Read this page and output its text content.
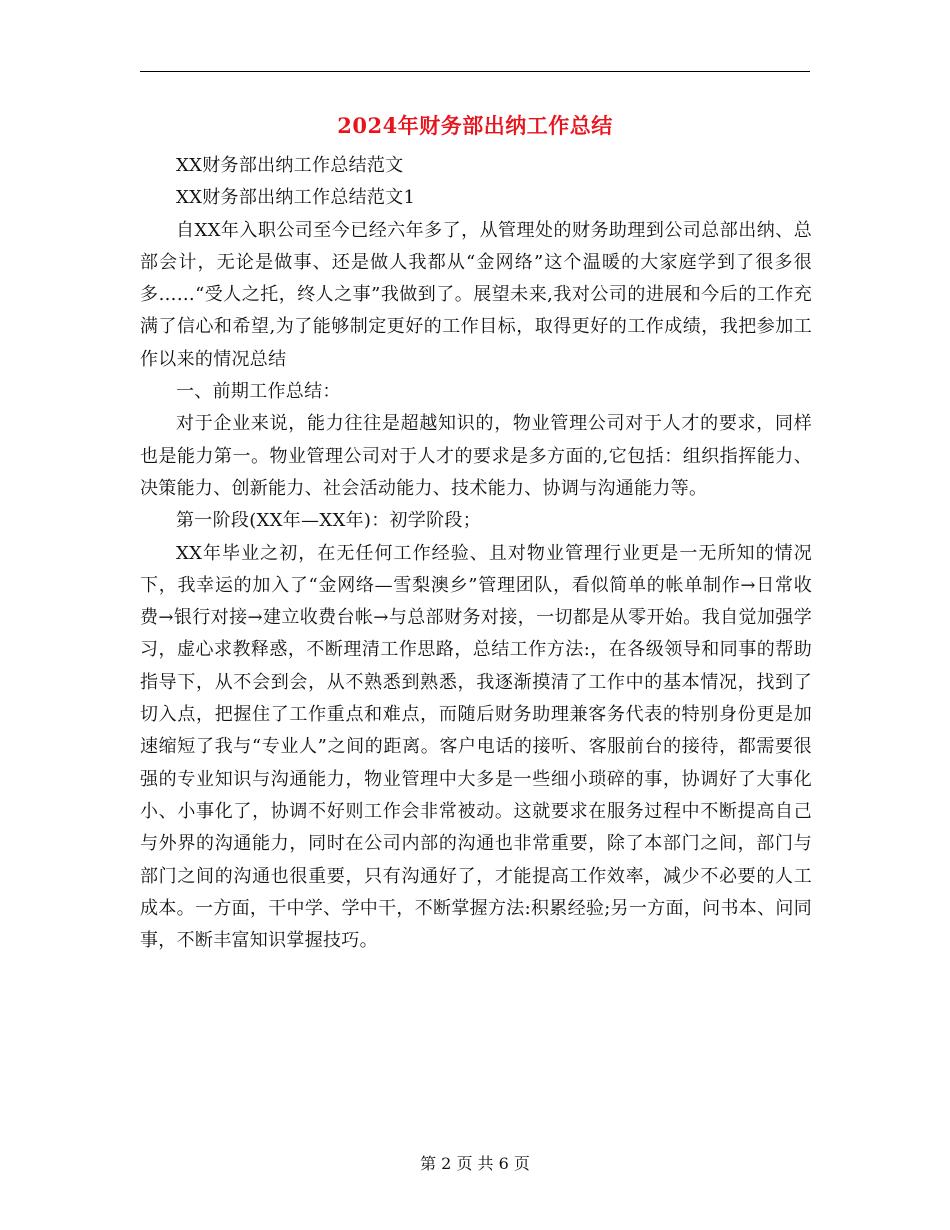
2024年财务部出纳工作总结

XX财务部出纳工作总结范文

XX财务部出纳工作总结范文1

自XX年入职公司至今已经六年多了，从管理处的财务助理到公司总部出纳、总部会计，无论是做事、还是做人我都从“金网络”这个温暖的大家庭学到了很多很多……“受人之托，终人之事”我做到了。展望未来,我对公司的进展和今后的工作充满了信心和希望,为了能够制定更好的工作目标，取得更好的工作成绩，我把参加工作以来的情况总结

一、前期工作总结：

对于企业来说，能力往往是超越知识的，物业管理公司对于人才的要求，同样也是能力第一。物业管理公司对于人才的要求是多方面的,它包括：组织指挥能力、决策能力、创新能力、社会活动能力、技术能力、协调与沟通能力等。

第一阶段(XX年—XX年)：初学阶段；

XX年毕业之初，在无任何工作经验、且对物业管理行业更是一无所知的情况下，我幸运的加入了“金网络—雪梨澳乡”管理团队，看似简单的帐单制作→日常收费→银行对接→建立收费台帐→与总部财务对接，一切都是从零开始。我自觉加强学习，虚心求教释惑，不断理清工作思路，总结工作方法:，在各级领导和同事的帮助指导下，从不会到会，从不熟悉到熟悉，我逐渐摸清了工作中的基本情况，找到了切入点，把握住了工作重点和难点，而随后财务助理兼客务代表的特别身份更是加速缩短了我与“专业人”之间的距离。客户电话的接听、客服前台的接待，都需要很强的专业知识与沟通能力，物业管理中大多是一些细小琐碎的事，协调好了大事化小、小事化了，协调不好则工作会非常被动。这就要求在服务过程中不断提高自己与外界的沟通能力，同时在公司内部的沟通也非常重要，除了本部门之间，部门与部门之间的沟通也很重要，只有沟通好了，才能提高工作效率，减少不必要的人工成本。一方面，干中学、学中干，不断掌握方法:积累经验;另一方面，问书本、问同事，不断丰富知识掌握技巧。

第 2 页 共 6 页
